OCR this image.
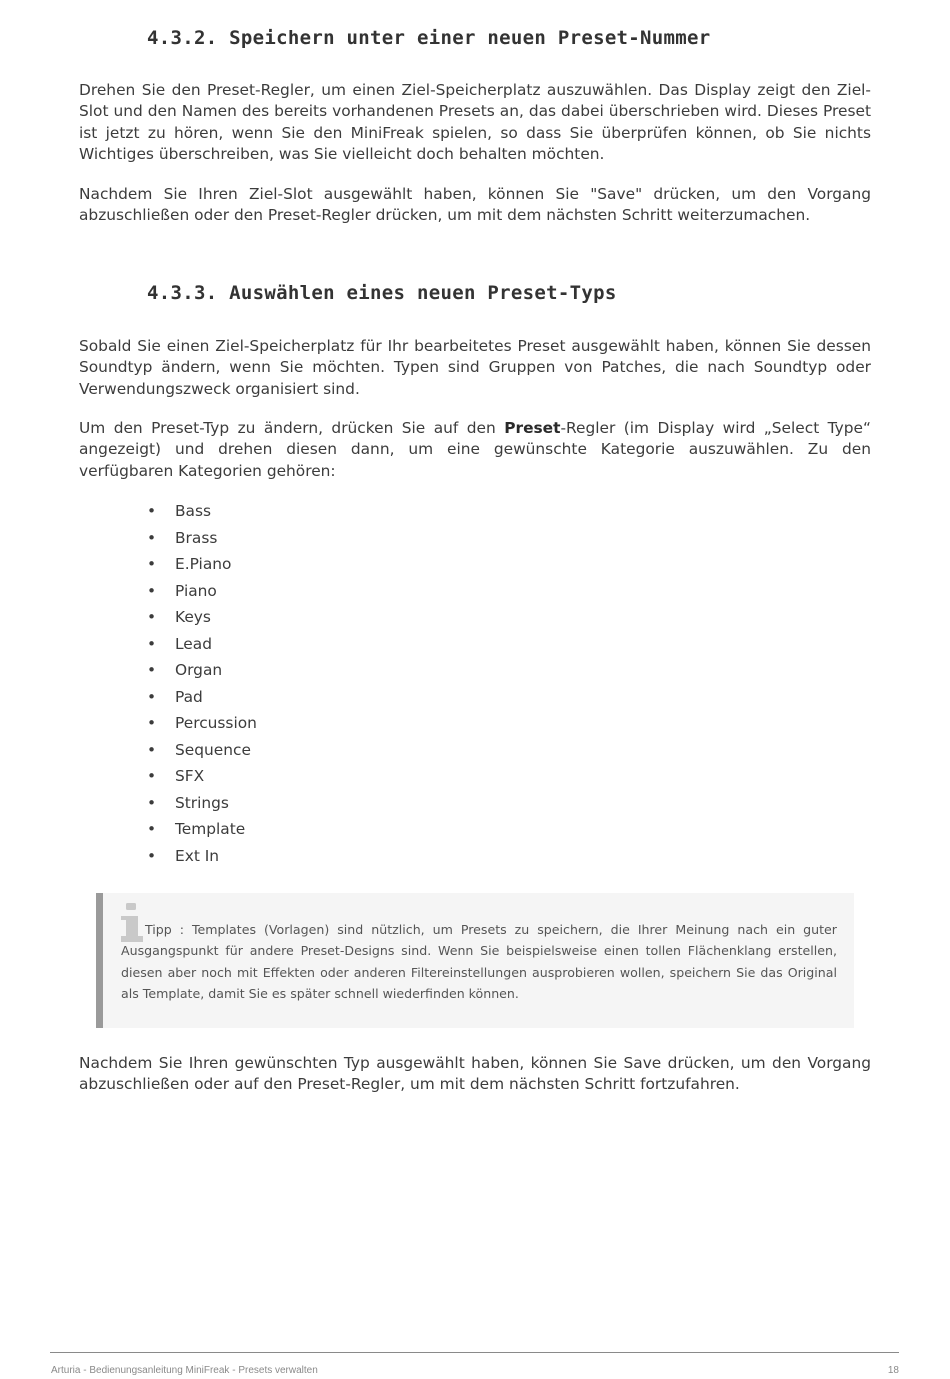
4.3.2. Speichern unter einer neuen Preset-Nummer

Drehen Sie den Preset-Regler, um einen Ziel-Speicherplatz auszuwählen. Das Display zeigt den Ziel-Slot und den Namen des bereits vorhandenen Presets an, das dabei überschrieben wird. Dieses Preset ist jetzt zu hören, wenn Sie den MiniFreak spielen, so dass Sie überprüfen können, ob Sie nichts Wichtiges überschreiben, was Sie vielleicht doch behalten möchten.

Nachdem Sie Ihren Ziel-Slot ausgewählt haben, können Sie "Save" drücken, um den Vorgang abzuschließen oder den Preset-Regler drücken, um mit dem nächsten Schritt weiterzumachen.

4.3.3. Auswählen eines neuen Preset-Typs

Sobald Sie einen Ziel-Speicherplatz für Ihr bearbeitetes Preset ausgewählt haben, können Sie dessen Soundtyp ändern, wenn Sie möchten. Typen sind Gruppen von Patches, die nach Soundtyp oder Verwendungszweck organisiert sind.

Um den Preset-Typ zu ändern, drücken Sie auf den Preset-Regler (im Display wird „Select Type“ angezeigt) und drehen diesen dann, um eine gewünschte Kategorie auszuwählen. Zu den verfügbaren Kategorien gehören:

• Bass
• Brass
• E.Piano
• Piano
• Keys
• Lead
• Organ
• Pad
• Percussion
• Sequence
• SFX
• Strings
• Template
• Ext In

Tipp : Templates (Vorlagen) sind nützlich, um Presets zu speichern, die Ihrer Meinung nach ein guter Ausgangspunkt für andere Preset-Designs sind. Wenn Sie beispielsweise einen tollen Flächenklang erstellen, diesen aber noch mit Effekten oder anderen Filtereinstellungen ausprobieren wollen, speichern Sie das Original als Template, damit Sie es später schnell wiederfinden können.

Nachdem Sie Ihren gewünschten Typ ausgewählt haben, können Sie Save drücken, um den Vorgang abzuschließen oder auf den Preset-Regler, um mit dem nächsten Schritt fortzufahren.

Arturia - Bedienungsanleitung MiniFreak - Presets verwalten	18
